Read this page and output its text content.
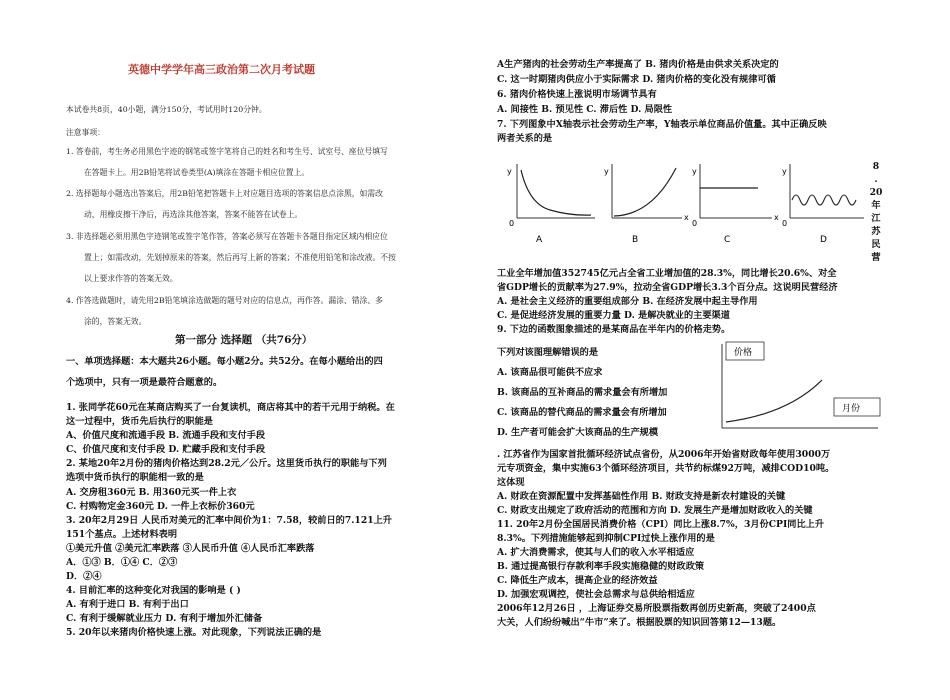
英德中学学年高三政治第二次月考试题
本试卷共8页，40小题，满分150分，考试用时120分钟。
注意事项：
1. 答卷前，考生务必用黑色字迹的钢笔或签字笔将自己的姓名和考生号、试室号、座位号填写
在答题卡上。用2B铅笔将试卷类型(A)填涂在答题卡相应位置上。
2. 选择题每小题选出答案后，用2B铅笔把答题卡上对应题目选项的答案信息点涂黑，如需改
动，用橡皮擦干净后，再选涂其他答案，答案不能答在试卷上。
3. 非选择题必须用黑色字迹钢笔或签字笔作答，答案必须写在答题卡各题目指定区域内相应位
置上；如需改动，先划掉原来的答案，然后再写上新的答案；不准使用铅笔和涂改液。不按
以上要求作答的答案无效。
4. 作答选做题时，请先用2B铅笔填涂选做题的题号对应的信息点，再作答。漏涂、错涂、多
涂的，答案无效。
第一部分 选择题 （共76分）
一、单项选择题：本大题共26小题。每小题2分。共52分。在每小题给出的四
个选项中，只有一项是最符合题意的。
1. 张同学花60元在某商店购买了一台复读机，商店将其中的若干元用于纳税。在
这一过程中，货币先后执行的职能是
A、价值尺度和流通手段 B. 流通手段和支付手段
C、价值尺度和支付手段 D. 贮藏手段和支付手段
2. 某地20年2月份的猪肉价格达到28.2元／公斤。这里货币执行的职能与下列
选项中货币执行的职能相一致的是
A. 交房租360元 B. 用360元买一件上衣
C. 村购物定金360元 D. 一件上衣标价360元
3. 20年2月29日 人民币对美元的汇率中间价为1：7.58，较前日的7.121上升
151个基点。上述材料表明
①美元升值 ②美元汇率跌落 ③人民币升值 ④人民币汇率跌落
A．①③ B．①④ C．②③
D．②④
4. 目前汇率的这种变化对我国的影响是 ( )
A. 有利于进口 B. 有利于出口
C. 有利于缓解就业压力 D. 有利于增加外汇储备
5. 20年以来猪肉价格快速上涨。对此现象，下列说法正确的是
A生产猪肉的社会劳动生产率提高了 B. 猪肉价格是由供求关系决定的
C. 这一时期猪肉供应小于实际需求 D. 猪肉价格的变化没有规律可循
6. 猪肉价格快速上涨说明市场调节具有
A. 间接性 B. 预见性 C. 滞后性 D. 局限性
7. 下列图象中X轴表示社会劳动生产率，Y轴表示单位商品价值量。其中正确反映
两者关系的是
y
0
A
y
x
B
y
0
x
C
y
0
D
8
.
20
年
江
苏
民
营
工业全年增加值352745亿元占全省工业增加值的28.3%，同比增长20.6%、对全
省GDP增长的贡献率为27.9%，拉动全省GDP增长3.3个百分点。这说明民营经济
A. 是社会主义经济的重要组成部分 B. 在经济发展中起主导作用
C. 是促进经济发展的重要力量 D. 是解决就业的主要渠道
9. 下边的函数图象描述的是某商品在半年内的价格走势。
下列对该图理解错误的是
A. 该商品很可能供不应求
B. 该商品的互补商品的需求量会有所增加
C. 该商品的替代商品的需求量会有所增加
D. 生产者可能会扩大该商品的生产规模
价格
月份
. 江苏省作为国家首批循环经济试点省份，从2006年开始省财政每年使用3000万
元专项资金，集中实施63个循环经济项目，共节约标煤92万吨，减排COD10吨。
这体现
A. 财政在资源配置中发挥基础性作用 B. 财政支持是新农村建设的关键
C. 财政支出规定了政府活动的范围和方向 D. 发展生产是增加财政收入的关键
11. 20年2月份全国居民消费价格（CPI）同比上涨8.7%，3月份CPI同比上升
8.3%。下列措施能够起到抑制CPI过快上涨作用的是
A. 扩大消费需求，使其与人们的收入水平相适应
B. 通过提高银行存款利率手段实施稳健的财政政策
C. 降低生产成本，提高企业的经济效益
D. 加强宏观调控，使社会总需求与总供给相适应
2006年12月26日 ，上海证券交易所股票指数再创历史新高，突破了2400点
大关，人们纷纷喊出“牛市”来了。根据股票的知识回答第12—13题。
